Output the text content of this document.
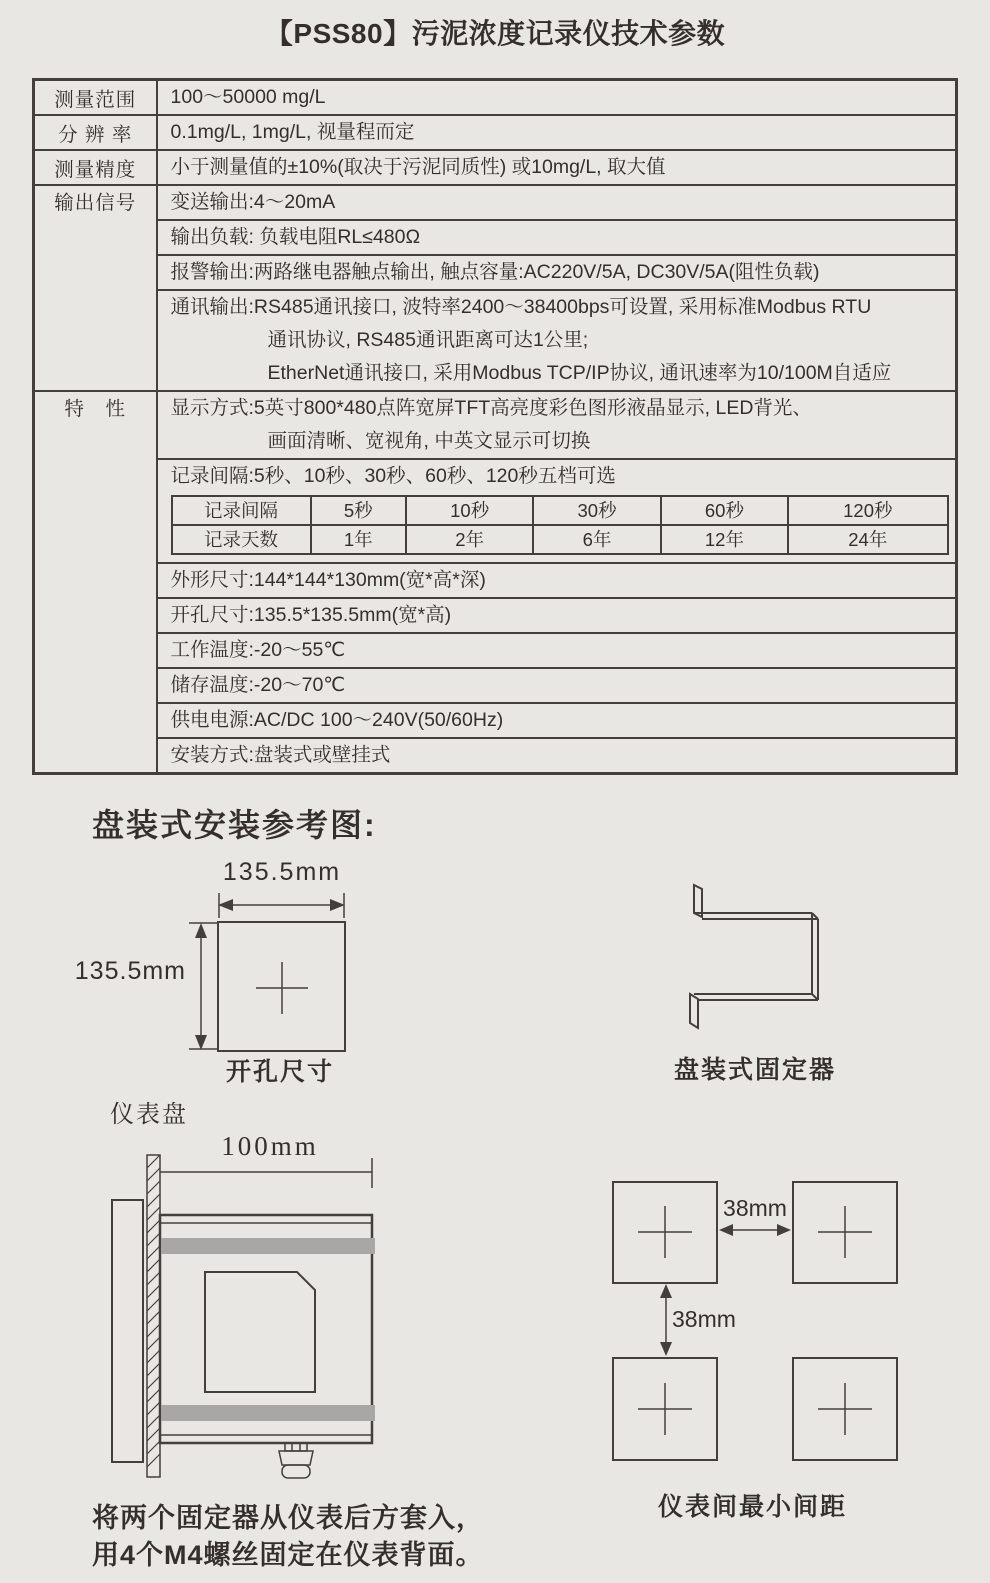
【PSS80】污泥浓度记录仪技术参数
测量范围	100～50000 mg/L
分 辨 率	0.1mg/L, 1mg/L, 视量程而定
测量精度	小于测量值的±10%(取决于污泥同质性) 或10mg/L, 取大值
输出信号	变送输出:4～20mA
输出负载: 负载电阻RL≤480Ω
报警输出:两路继电器触点输出, 触点容量:AC220V/5A, DC30V/5A(阻性负载)

通讯输出:RS485通讯接口, 波特率2400～38400bps可设置, 采用标准Modbus RTU
通讯协议, RS485通讯距离可达1公里;
EtherNet通讯接口, 采用Modbus TCP/IP协议, 通讯速率为10/100M自适应

特　性	显示方式:5英寸800*480点阵宽屏TFT高亮度彩色图形液晶显示, LED背光、
画面清晰、宽视角, 中英文显示可切换

记录间隔:5秒、10秒、30秒、60秒、120秒五档可选
记录间隔	5秒	10秒	30秒	60秒	120秒
记录天数	1年	2年	6年	12年	24年

外形尺寸:144*144*130mm(宽*高*深)
开孔尺寸:135.5*135.5mm(宽*高)
工作温度:-20～55℃
储存温度:-20～70℃
供电电源:AC/DC 100～240V(50/60Hz)
安装方式:盘装式或壁挂式
盘装式安装参考图:
135.5mm
135.5mm
开孔尺寸	盘装式固定器
仪表盘
100mm
38mm
38mm
仪表间最小间距
将两个固定器从仪表后方套入，
用4个M4螺丝固定在仪表背面。
